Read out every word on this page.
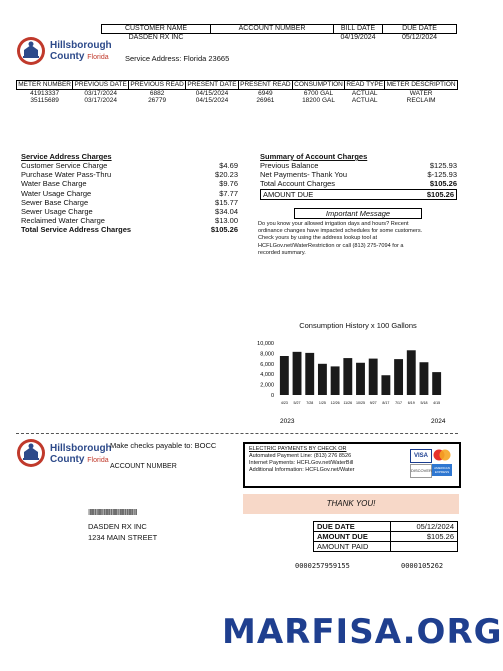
Hillsborough
County Florida
CUSTOMER NAME	ACCOUNT NUMBER	BILL DATE	DUE DATE
DASDEN RX INC		04/19/2024	05/12/2024
Service Address: Florida 23665
METER NUMBER	PREVIOUS DATE	PREVIOUS READ	PRESENT DATE	PRESENT READ	CONSUMPTION	READ TYPE	METER DESCRIPTION
41913337	03/17/2024	6882	04/15/2024	6949	6700 GAL	ACTUAL	WATER
35115689	03/17/2024	26779	04/15/2024	26961	18200 GAL	ACTUAL	RECLAIM
Service Address Charges
Customer Service Charge	$4.69
Purchase Water Pass-Thru	$20.23
Water Base Charge	$9.76
Water Usage Charge	$7.77
Sewer Base Charge	$15.77
Sewer Usage Charge	$34.04
Reclaimed Water Charge	$13.00
Total Service Address Charges	$105.26
Summary of Account Charges
Previous Balance	$125.93
Net Payments- Thank You	$-125.93
Total Account Charges	$105.26
AMOUNT DUE	$105.26
Important Message
Do you know your allowed irrigation days and hours? Recent
ordinance changes have impacted schedules for some customers.
Check yours by using the address lookup tool at
HCFLGov.net/WaterRestriction or call (813) 275-7094 for a
recorded summary.
Consumption History x 100 Gallons
10,000
8,000
6,000
4,000
2,000
0
4/23 5/27 7/28 1/25 12/26 11/26 10/25 9/27 8/17 7/17 6/19 5/18 4/15
2023	2024
Hillsborough
County Florida
Make checks payable to: BOCC
ACCOUNT NUMBER
ELECTRIC PAYMENTS BY CHECK OR
Automated Payment Line: (813) 276 8526
Internet Payments: HCFLGov.net/WaterBill
Additional Information: HCFLGov.net/Water
VISA
DISCOVER AMERICAN EXPRESS
THANK YOU!
‖‖‖‖‖‖‖‖‖‖‖‖‖‖‖‖‖‖‖‖‖
DASDEN RX INC
1234 MAIN STREET
DUE DATE	05/12/2024
AMOUNT DUE	$105.26
AMOUNT PAID	
0000257959155	0000105262
MARFISA.ORG
